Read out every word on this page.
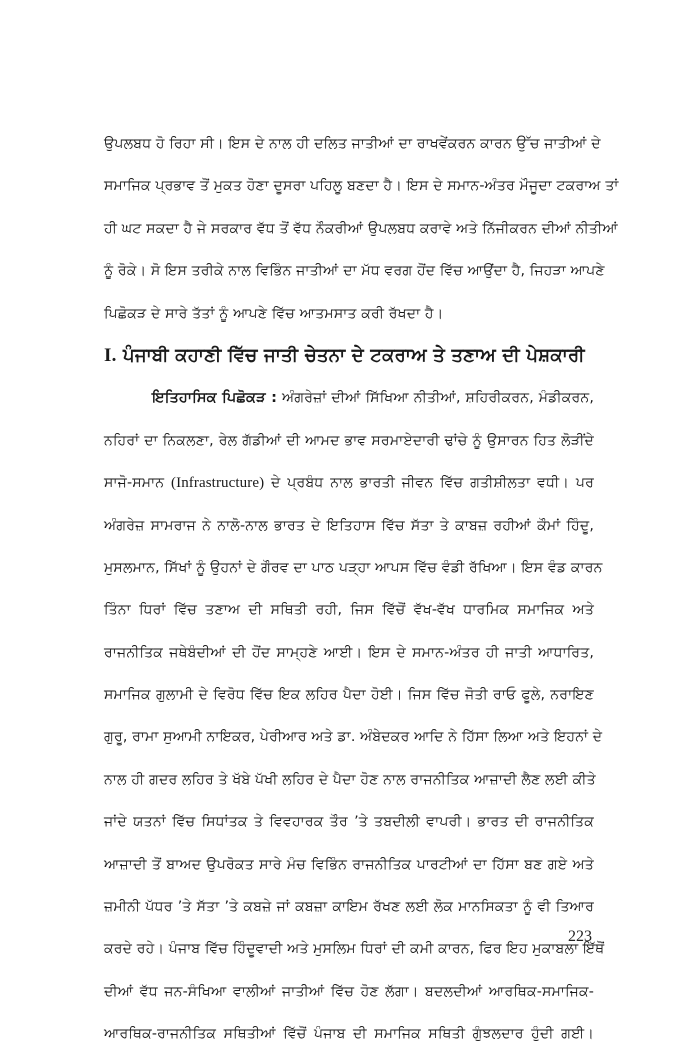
ਉਪਲਬਧ ਹੋ ਰਿਹਾ ਸੀ। ਇਸ ਦੇ ਨਾਲ ਹੀ ਦਲਿਤ ਜਾਤੀਆਂ ਦਾ ਰਾਖਵੇਂਕਰਨ ਕਾਰਨ ਉੱਚ ਜਾਤੀਆਂ ਦੇ
ਸਮਾਜਿਕ ਪ੍ਰਭਾਵ ਤੋਂ ਮੁਕਤ ਹੋਣਾ ਦੂਸਰਾ ਪਹਿਲੂ ਬਣਦਾ ਹੈ। ਇਸ ਦੇ ਸਮਾਨ-ਅੰਤਰ ਮੌਜੂਦਾ ਟਕਰਾਅ ਤਾਂ
ਹੀ ਘਟ ਸਕਦਾ ਹੈ ਜੇ ਸਰਕਾਰ ਵੱਧ ਤੋਂ ਵੱਧ ਨੌਕਰੀਆਂ ਉਪਲਬਧ ਕਰਾਵੇ ਅਤੇ ਨਿੱਜੀਕਰਨ ਦੀਆਂ ਨੀਤੀਆਂ
ਨੂੰ ਰੋਕੇ। ਸੋ ਇਸ ਤਰੀਕੇ ਨਾਲ ਵਿਭਿੰਨ ਜਾਤੀਆਂ ਦਾ ਮੱਧ ਵਰਗ ਹੋਂਦ ਵਿੱਚ ਆਉਂਦਾ ਹੈ, ਜਿਹੜਾ ਆਪਣੇ
ਪਿਛੋਕੜ ਦੇ ਸਾਰੇ ਤੱਤਾਂ ਨੂੰ ਆਪਣੇ ਵਿੱਚ ਆਤਮਸਾਤ ਕਰੀ ਰੱਖਦਾ ਹੈ।
I. ਪੰਜਾਬੀ ਕਹਾਣੀ ਵਿੱਚ ਜਾਤੀ ਚੇਤਨਾ ਦੇ ਟਕਰਾਅ ਤੇ ਤਣਾਅ ਦੀ ਪੇਸ਼ਕਾਰੀ
ਇਤਿਹਾਸਿਕ ਪਿਛੋਕੜ : ਅੰਗਰੇਜ਼ਾਂ ਦੀਆਂ ਸਿੱਖਿਆ ਨੀਤੀਆਂ, ਸ਼ਹਿਰੀਕਰਨ, ਮੰਡੀਕਰਨ,
ਨਹਿਰਾਂ ਦਾ ਨਿਕਲਣਾ, ਰੇਲ ਗੱਡੀਆਂ ਦੀ ਆਮਦ ਭਾਵ ਸਰਮਾਏਦਾਰੀ ਢਾਂਚੇ ਨੂੰ ਉਸਾਰਨ ਹਿਤ ਲੋੜੀਂਦੇ
ਸਾਜੋ-ਸਮਾਨ (Infrastructure) ਦੇ ਪ੍ਰਬੰਧ ਨਾਲ ਭਾਰਤੀ ਜੀਵਨ ਵਿੱਚ ਗਤੀਸ਼ੀਲਤਾ ਵਧੀ। ਪਰ
ਅੰਗਰੇਜ਼ ਸਾਮਰਾਜ ਨੇ ਨਾਲੋ-ਨਾਲ ਭਾਰਤ ਦੇ ਇਤਿਹਾਸ ਵਿੱਚ ਸੱਤਾ ਤੇ ਕਾਬਜ਼ ਰਹੀਆਂ ਕੌਮਾਂ ਹਿੰਦੂ,
ਮੁਸਲਮਾਨ, ਸਿੱਖਾਂ ਨੂੰ ਉਹਨਾਂ ਦੇ ਗੌਰਵ ਦਾ ਪਾਠ ਪੜ੍ਹਾ ਆਪਸ ਵਿੱਚ ਵੰਡੀ ਰੱਖਿਆ। ਇਸ ਵੰਡ ਕਾਰਨ
ਤਿੰਨਾ ਧਿਰਾਂ ਵਿੱਚ ਤਣਾਅ ਦੀ ਸਥਿਤੀ ਰਹੀ, ਜਿਸ ਵਿੱਚੋਂ ਵੱਖ-ਵੱਖ ਧਾਰਮਿਕ ਸਮਾਜਿਕ ਅਤੇ
ਰਾਜਨੀਤਿਕ ਜਥੇਬੰਦੀਆਂ ਦੀ ਹੋਂਦ ਸਾਮ੍ਹਣੇ ਆਈ। ਇਸ ਦੇ ਸਮਾਨ-ਅੰਤਰ ਹੀ ਜਾਤੀ ਆਧਾਰਿਤ,
ਸਮਾਜਿਕ ਗੁਲਾਮੀ ਦੇ ਵਿਰੋਧ ਵਿੱਚ ਇਕ ਲਹਿਰ ਪੈਦਾ ਹੋਈ। ਜਿਸ ਵਿੱਚ ਜੋਤੀ ਰਾਓ ਫੂਲੇ, ਨਰਾਇਣ
ਗੁਰੂ, ਰਾਮਾ ਸੁਆਮੀ ਨਾਇਕਰ, ਪੇਰੀਆਰ ਅਤੇ ਡਾ. ਅੰਬੇਦਕਰ ਆਦਿ ਨੇ ਹਿੱਸਾ ਲਿਆ ਅਤੇ ਇਹਨਾਂ ਦੇ
ਨਾਲ ਹੀ ਗਦਰ ਲਹਿਰ ਤੇ ਖੱਬੇ ਪੱਖੀ ਲਹਿਰ ਦੇ ਪੈਦਾ ਹੋਣ ਨਾਲ ਰਾਜਨੀਤਿਕ ਆਜ਼ਾਦੀ ਲੈਣ ਲਈ ਕੀਤੇ
ਜਾਂਦੇ ਯਤਨਾਂ ਵਿੱਚ ਸਿਧਾਂਤਕ ਤੇ ਵਿਵਹਾਰਕ ਤੌਰ ’ਤੇ ਤਬਦੀਲੀ ਵਾਪਰੀ। ਭਾਰਤ ਦੀ ਰਾਜਨੀਤਿਕ
ਆਜ਼ਾਦੀ ਤੋਂ ਬਾਅਦ ਉਪਰੋਕਤ ਸਾਰੇ ਮੰਚ ਵਿਭਿੰਨ ਰਾਜਨੀਤਿਕ ਪਾਰਟੀਆਂ ਦਾ ਹਿੱਸਾ ਬਣ ਗਏ ਅਤੇ
ਜ਼ਮੀਨੀ ਪੱਧਰ ’ਤੇ ਸੱਤਾ ’ਤੇ ਕਬਜ਼ੇ ਜਾਂ ਕਬਜ਼ਾ ਕਾਇਮ ਰੱਖਣ ਲਈ ਲੋਕ ਮਾਨਸਿਕਤਾ ਨੂੰ ਵੀ ਤਿਆਰ
ਕਰਦੇ ਰਹੇ। ਪੰਜਾਬ ਵਿੱਚ ਹਿੰਦੂਵਾਦੀ ਅਤੇ ਮੁਸਲਿਮ ਧਿਰਾਂ ਦੀ ਕਮੀ ਕਾਰਨ, ਫਿਰ ਇਹ ਮੁਕਾਬਲਾ ਇੱਥੋਂ
ਦੀਆਂ ਵੱਧ ਜਨ-ਸੰਖਿਆ ਵਾਲੀਆਂ ਜਾਤੀਆਂ ਵਿੱਚ ਹੋਣ ਲੱਗਾ। ਬਦਲਦੀਆਂ ਆਰਥਿਕ-ਸਮਾਜਿਕ-
ਆਰਥਿਕ-ਰਾਜਨੀਤਿਕ ਸਥਿਤੀਆਂ ਵਿੱਚੋਂ ਪੰਜਾਬ ਦੀ ਸਮਾਜਿਕ ਸਥਿਤੀ ਗੁੰਝਲਦਾਰ ਹੁੰਦੀ ਗਈ।
223
